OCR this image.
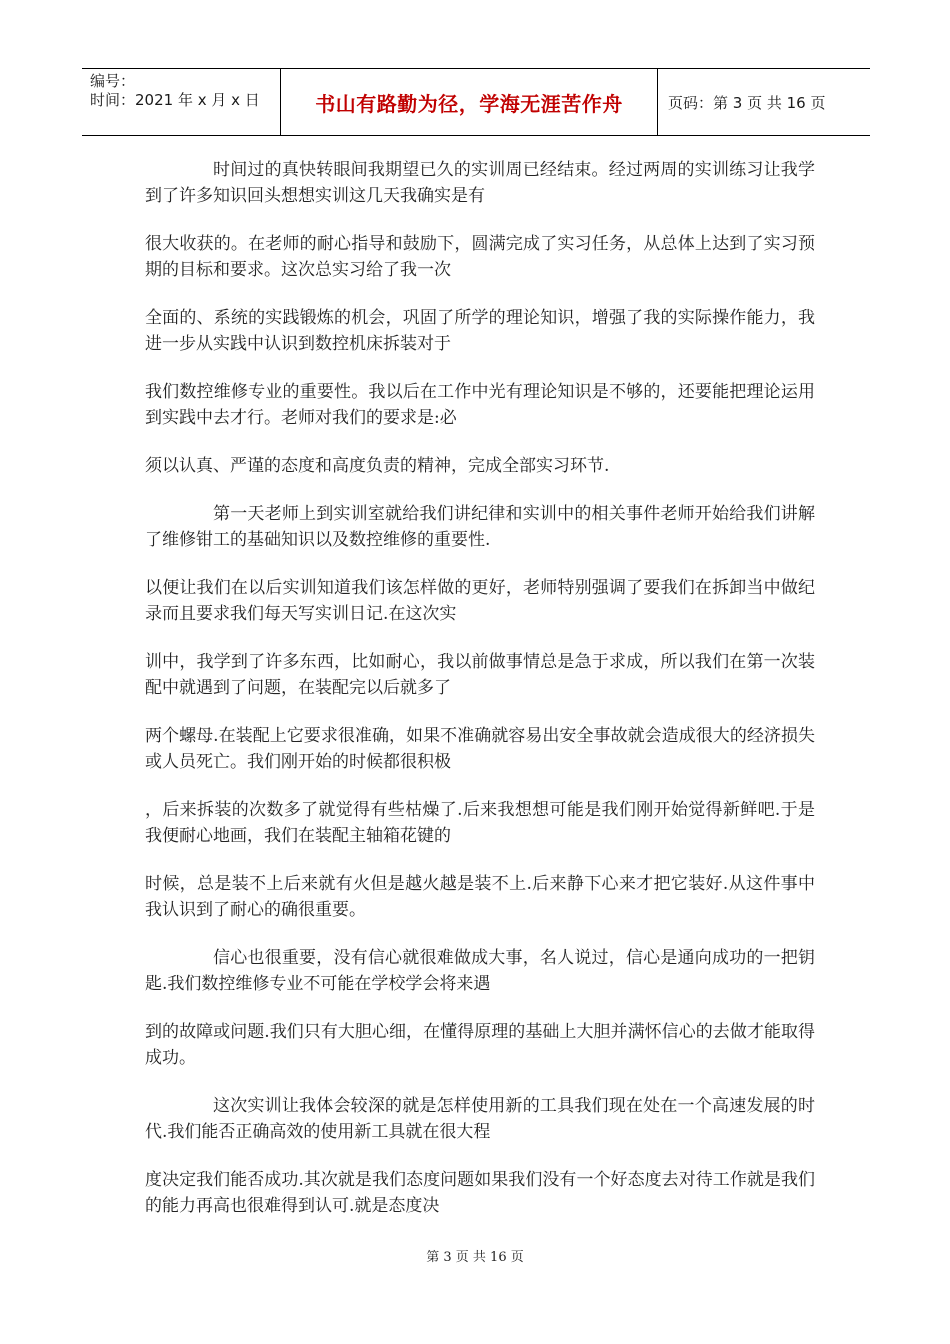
编号：
时间：2021 年 x 月 x 日	书山有路勤为径，学海无涯苦作舟	页码：第 3 页 共 16 页

时间过的真快转眼间我期望已久的实训周已经结束。经过两周的实训练习让我学到了许多知识回头想想实训这几天我确实是有

很大收获的。在老师的耐心指导和鼓励下，圆满完成了实习任务，从总体上达到了实习预期的目标和要求。这次总实习给了我一次

全面的、系统的实践锻炼的机会，巩固了所学的理论知识，增强了我的实际操作能力，我进一步从实践中认识到数控机床拆装对于

我们数控维修专业的重要性。我以后在工作中光有理论知识是不够的，还要能把理论运用到实践中去才行。老师对我们的要求是:必

须以认真、严谨的态度和高度负责的精神，完成全部实习环节.

第一天老师上到实训室就给我们讲纪律和实训中的相关事件老师开始给我们讲解了维修钳工的基础知识以及数控维修的重要性.

以便让我们在以后实训知道我们该怎样做的更好，老师特别强调了要我们在拆卸当中做纪录而且要求我们每天写实训日记.在这次实

训中，我学到了许多东西，比如耐心，我以前做事情总是急于求成，所以我们在第一次装配中就遇到了问题，在装配完以后就多了

两个螺母.在装配上它要求很准确，如果不准确就容易出安全事故就会造成很大的经济损失或人员死亡。我们刚开始的时候都很积极

，后来拆装的次数多了就觉得有些枯燥了.后来我想想可能是我们刚开始觉得新鲜吧.于是我便耐心地画，我们在装配主轴箱花键的

时候，总是装不上后来就有火但是越火越是装不上.后来静下心来才把它装好.从这件事中我认识到了耐心的确很重要。

信心也很重要，没有信心就很难做成大事，名人说过，信心是通向成功的一把钥匙.我们数控维修专业不可能在学校学会将来遇

到的故障或问题.我们只有大胆心细，在懂得原理的基础上大胆并满怀信心的去做才能取得成功。

这次实训让我体会较深的就是怎样使用新的工具我们现在处在一个高速发展的时代.我们能否正确高效的使用新工具就在很大程

度决定我们能否成功.其次就是我们态度问题如果我们没有一个好态度去对待工作就是我们的能力再高也很难得到认可.就是态度决

第 3 页 共 16 页
